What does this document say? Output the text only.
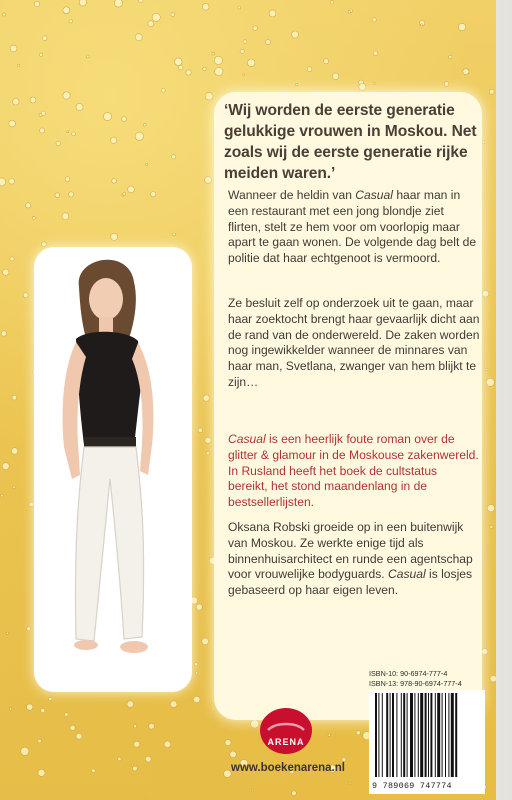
‘Wij worden de eerste generatie gelukkige vrouwen in Moskou. Net zoals wij de eerste generatie rijke meiden waren.’

Wanneer de heldin van Casual haar man in een restaurant met een jong blondje ziet flirten, stelt ze hem voor om voorlopig maar apart te gaan wonen. De volgende dag belt de politie dat haar echtgenoot is vermoord.

Ze besluit zelf op onderzoek uit te gaan, maar haar zoektocht brengt haar gevaarlijk dicht aan de rand van de onderwereld. De zaken worden nog ingewikkelder wanneer de minnares van haar man, Svetlana, zwanger van hem blijkt te zijn…

Casual is een heerlijk foute roman over de glitter & glamour in de Moskouse zakenwereld. In Rusland heeft het boek de cultstatus bereikt, het stond maandenlang in de bestsellerlijsten.

Oksana Robski groeide op in een buitenwijk van Moskou. Ze werkte enige tijd als binnenhuisarchitect en runde een agentschap voor vrouwelijke bodyguards. Casual is losjes gebaseerd op haar eigen leven.

ARENA
www.boekenarena.nl
ISBN-10: 90-6974-777-4
ISBN-13: 978-90-6974-777-4
9 789069 747774
